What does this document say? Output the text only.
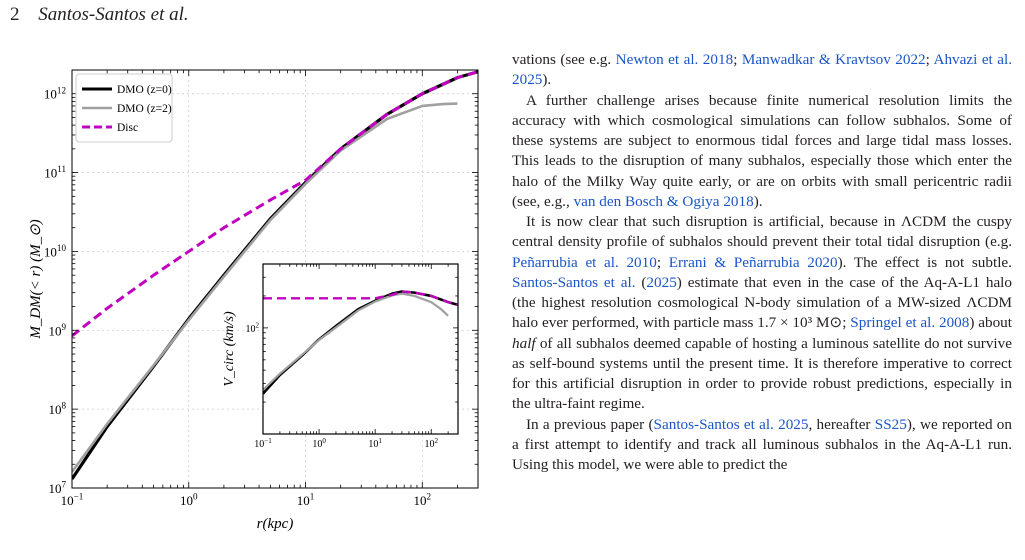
2 Santos-Santos et al.
$10^{-1}$	$10^0$	$10^1$	$10^2$
$10^7$
$10^8$
$10^9$
$10^{10}$
$10^{11}$
$10^{12}$
r(kpc)
M_DM(< r) (M_⊙)
DMO (z=0)
DMO (z=2)
Disc
$10^{-1}$	$10^0$	$10^1$	$10^2$
$10^2$
V_circ (km/s)

vations (see e.g. Newton et al. 2018; Manwadkar & Kravtsov 2022; Ahvazi et al. 2025).

A further challenge arises because finite numerical resolution limits the accuracy with which cosmological simulations can follow subhalos. Some of these systems are subject to enormous tidal forces and large tidal mass losses. This leads to the disruption of many subhalos, especially those which enter the halo of the Milky Way quite early, or are on orbits with small pericentric radii (see, e.g., van den Bosch & Ogiya 2018).

It is now clear that such disruption is artificial, because in ΛCDM the cuspy central density profile of subhalos should prevent their total tidal disruption (e.g. Peñarrubia et al. 2010; Errani & Peñarrubia 2020). The effect is not subtle. Santos-Santos et al. (2025) estimate that even in the case of the Aq-A-L1 halo (the highest resolution cosmological N-body simulation of a MW-sized ΛCDM halo ever performed, with particle mass 1.7 × 10³ M⊙; Springel et al. 2008) about half of all subhalos deemed capable of hosting a luminous satellite do not survive as self-bound systems until the present time. It is therefore imperative to correct for this artificial disruption in order to provide robust predictions, especially in the ultra-faint regime.

In a previous paper (Santos-Santos et al. 2025, hereafter SS25), we reported on a first attempt to identify and track all luminous subhalos in the Aq-A-L1 run. Using this model, we were able to predict the
